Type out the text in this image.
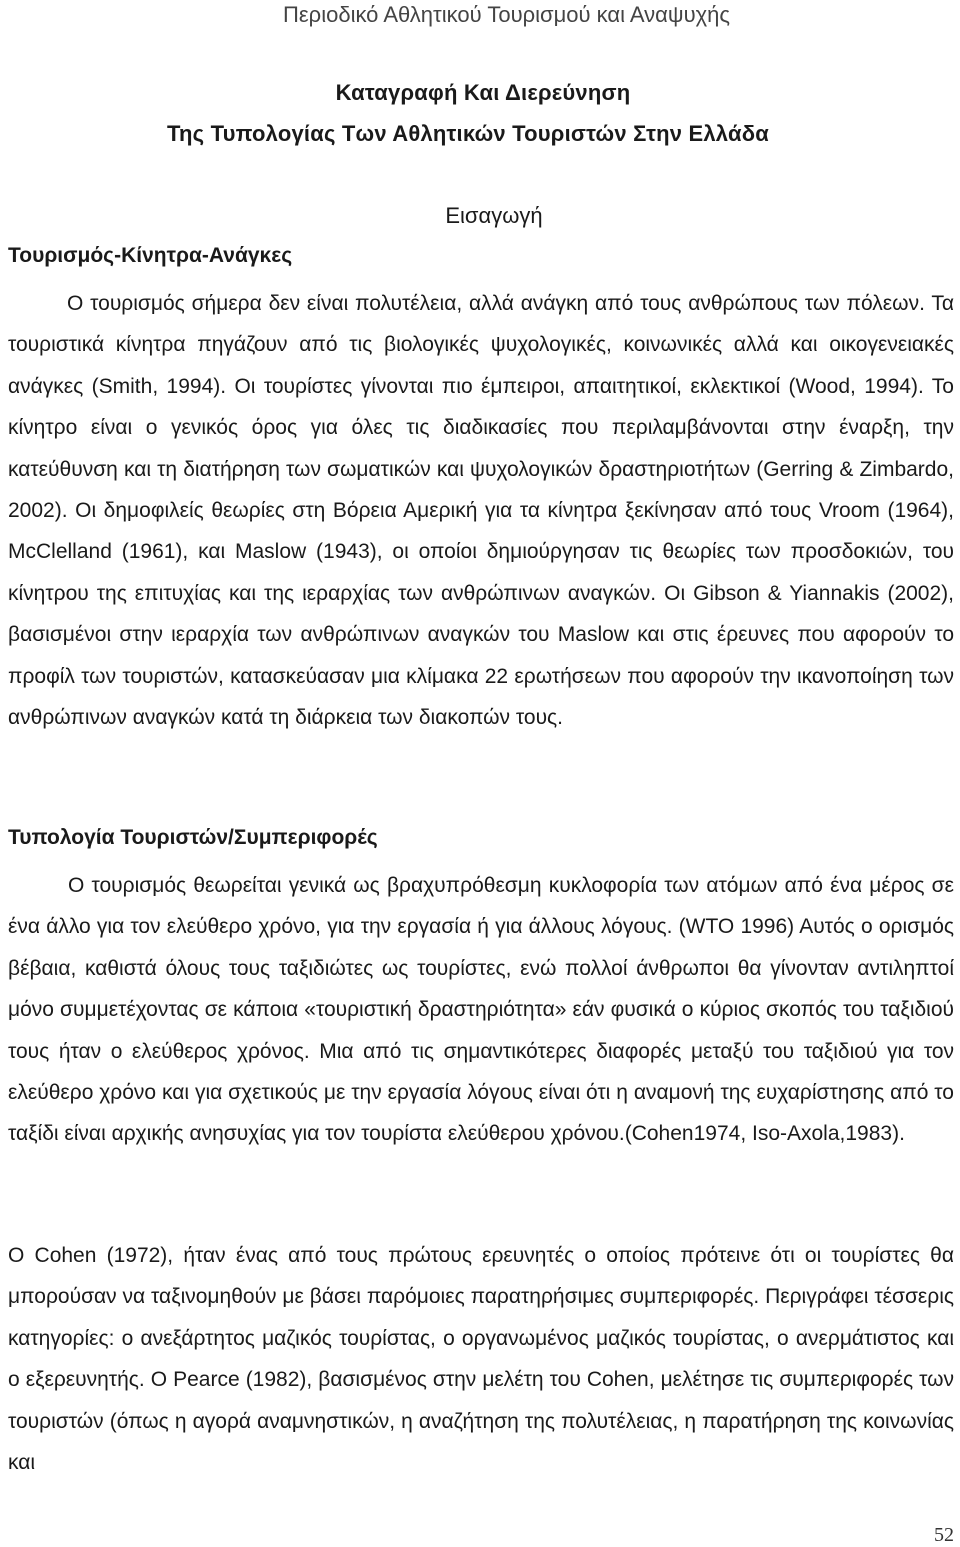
Περιοδικό Αθλητικού Τουρισμού και Αναψυχής
Καταγραφή Και Διερεύνηση
Της Τυπολογίας Των Αθλητικών Τουριστών Στην Ελλάδα
Εισαγωγή
Τουρισμός-Κίνητρα-Ανάγκες

Ο τουρισμός σήμερα δεν είναι πολυτέλεια, αλλά ανάγκη από τους ανθρώπους των πόλεων. Τα τουριστικά κίνητρα πηγάζουν από τις βιολογικές ψυχολογικές, κοινωνικές αλλά και οικογενειακές ανάγκες (Smith, 1994). Οι τουρίστες γίνονται πιο έμπειροι, απαιτητικοί, εκλεκτικοί (Wood, 1994). Το κίνητρο είναι ο γενικός όρος για όλες τις διαδικασίες που περιλαμβάνονται στην έναρξη, την κατεύθυνση και τη διατήρηση των σωματικών και ψυχολογικών δραστηριοτήτων (Gerring & Zimbardo, 2002). Οι δημοφιλείς θεωρίες στη Βόρεια Αμερική για τα κίνητρα ξεκίνησαν από τους Vroom (1964), McClelland (1961), και Maslow (1943), οι οποίοι δημιούργησαν τις θεωρίες των προσδοκιών, του κίνητρου της επιτυχίας και της ιεραρχίας των ανθρώπινων αναγκών. Οι Gibson & Yiannakis (2002), βασισμένοι στην ιεραρχία των ανθρώπινων αναγκών του Maslow και στις έρευνες που αφορούν το προφίλ των τουριστών, κατασκεύασαν μια κλίμακα 22 ερωτήσεων που αφορούν την ικανοποίηση των ανθρώπινων αναγκών κατά τη διάρκεια των διακοπών τους.

Τυπολογία Τουριστών/Συμπεριφορές

Ο τουρισμός θεωρείται γενικά ως βραχυπρόθεσμη κυκλοφορία των ατόμων από ένα μέρος σε ένα άλλο για τον ελεύθερο χρόνο, για την εργασία ή για άλλους λόγους. (WTO 1996) Αυτός ο ορισμός βέβαια, καθιστά όλους τους ταξιδιώτες ως τουρίστες, ενώ πολλοί άνθρωποι θα γίνονταν αντιληπτοί μόνο συμμετέχοντας σε κάποια «τουριστική δραστηριότητα» εάν φυσικά ο κύριος σκοπός του ταξιδιού τους ήταν ο ελεύθερος χρόνος. Μια από τις σημαντικότερες διαφορές μεταξύ του ταξιδιού για τον ελεύθερο χρόνο και για σχετικούς με την εργασία λόγους είναι ότι η αναμονή της ευχαρίστησης από το ταξίδι είναι αρχικής ανησυχίας για τον τουρίστα ελεύθερου χρόνου.(Cohen1974, Iso-Axola,1983).

Ο Cohen (1972), ήταν ένας από τους πρώτους ερευνητές ο οποίος πρότεινε ότι οι τουρίστες θα μπορούσαν να ταξινομηθούν με βάσει παρόμοιες παρατηρήσιμες συμπεριφορές. Περιγράφει τέσσερις κατηγορίες: ο ανεξάρτητος μαζικός τουρίστας, ο οργανωμένος μαζικός τουρίστας, ο ανερμάτιστος και ο εξερευνητής. Ο Pearce (1982), βασισμένος στην μελέτη του Cohen, μελέτησε τις συμπεριφορές των τουριστών (όπως η αγορά αναμνηστικών, η αναζήτηση της πολυτέλειας, η παρατήρηση της κοινωνίας και

52
